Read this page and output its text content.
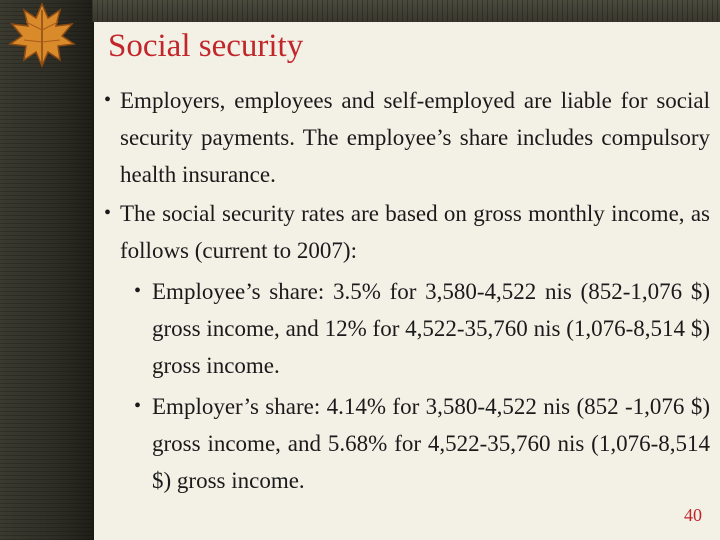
Social security
• Employers, employees and self-employed are liable for social security payments. The employee’s share includes compulsory health insurance.
• The social security rates are based on gross monthly income, as follows (current to 2007):
• Employee’s share: 3.5% for 3,580-4,522 nis (852-1,076 $) gross income, and 12% for 4,522-35,760 nis (1,076-8,514 $) gross income.
• Employer’s share: 4.14% for 3,580-4,522 nis (852 -1,076 $) gross income, and 5.68% for 4,522-35,760 nis (1,076-8,514 $) gross income.
40
